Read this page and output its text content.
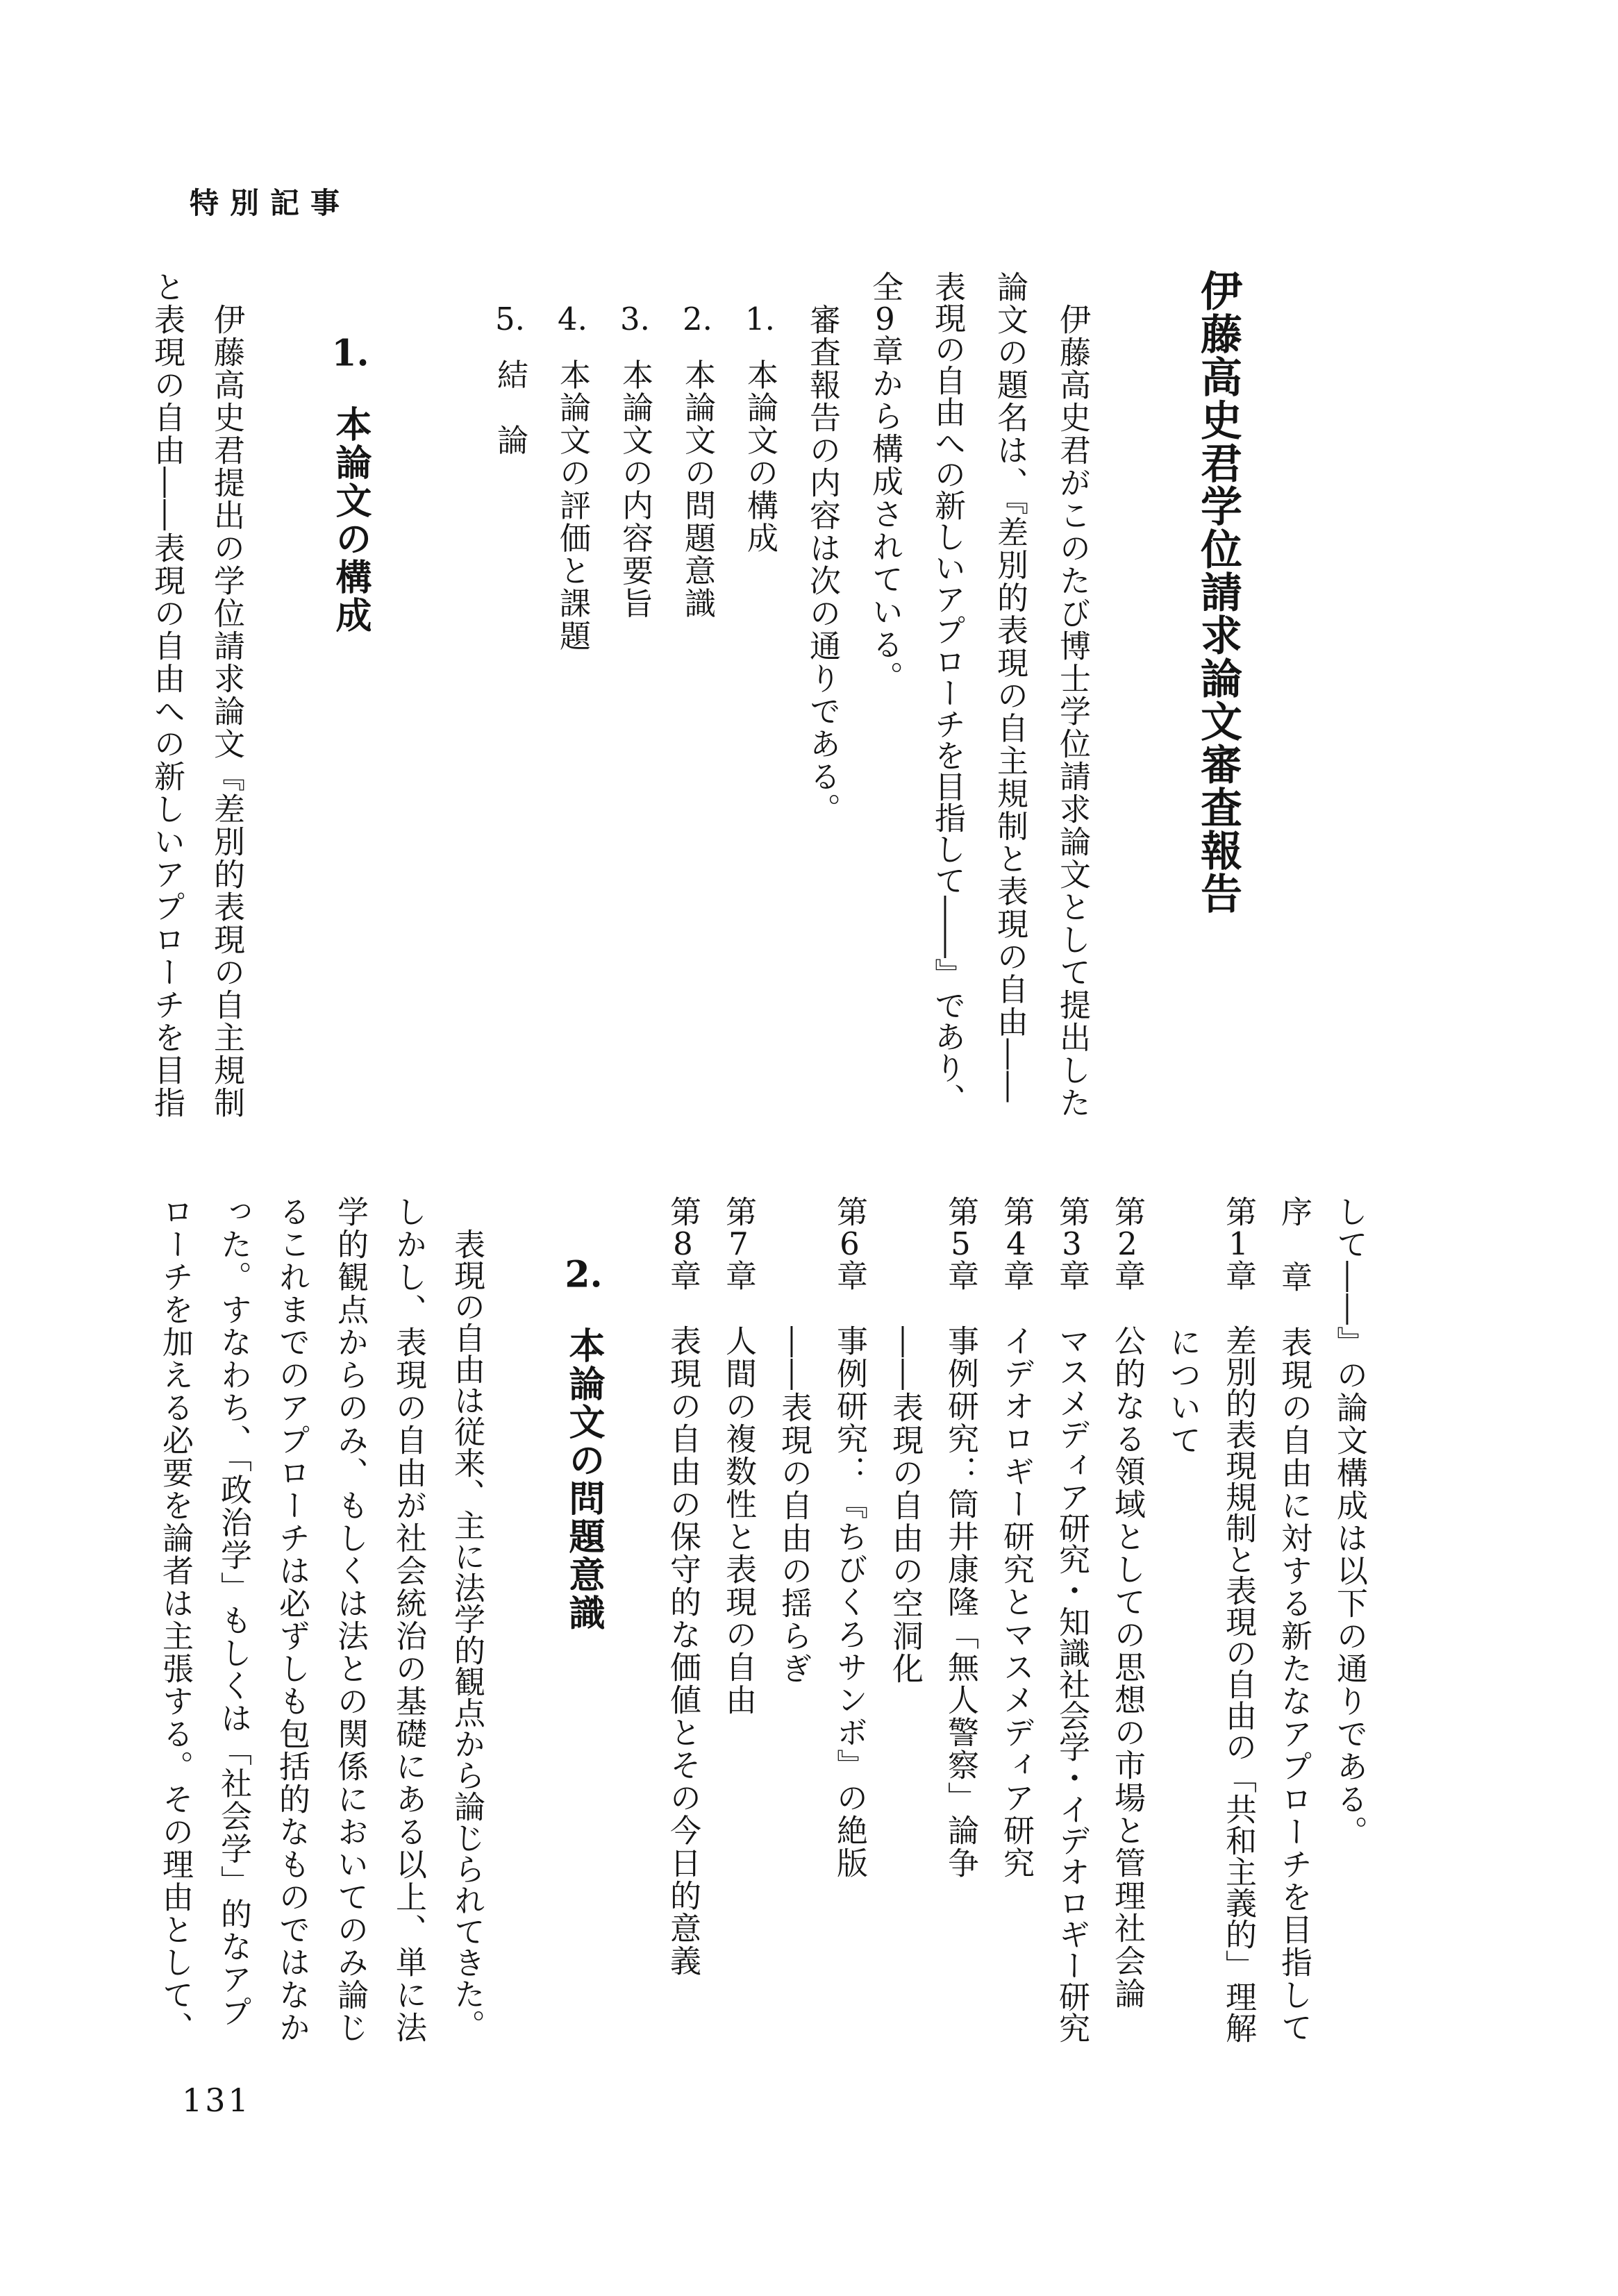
特別記事
伊藤高史君学位請求論文審査報告
伊藤高史君がこのたび博士学位請求論文として提出した
論文の題名は、『差別的表現の自主規制と表現の自由――
表現の自由への新しいアプローチを目指して――』であり、
全9章から構成されている。
審査報告の内容は次の通りである。
1. 本論文の構成
2. 本論文の問題意識
3. 本論文の内容要旨
4. 本論文の評価と課題
5. 結　論
1. 本論文の構成
伊藤高史君提出の学位請求論文『差別的表現の自主規制
と表現の自由――表現の自由への新しいアプローチを目指
して――』の論文構成は以下の通りである。
序　章表現の自由に対する新たなアプローチを目指して
第1章差別的表現規制と表現の自由の「共和主義的」理解
について
第2章公的なる領域としての思想の市場と管理社会論
第3章マスメディア研究・知識社会学・イデオロギー研究
第4章イデオロギー研究とマスメディア研究
第5章事例研究：筒井康隆「無人警察」論争
――表現の自由の空洞化
第6章事例研究：『ちびくろサンボ』の絶版
――表現の自由の揺らぎ
第7章人間の複数性と表現の自由
第8章表現の自由の保守的な価値とその今日的意義
2. 本論文の問題意識
表現の自由は従来、主に法学的観点から論じられてきた。
しかし、表現の自由が社会統治の基礎にある以上、単に法
学的観点からのみ、もしくは法との関係においてのみ論じ
るこれまでのアプローチは必ずしも包括的なものではなか
った。すなわち、「政治学」もしくは「社会学」的なアプ
ローチを加える必要を論者は主張する。その理由として、
131
